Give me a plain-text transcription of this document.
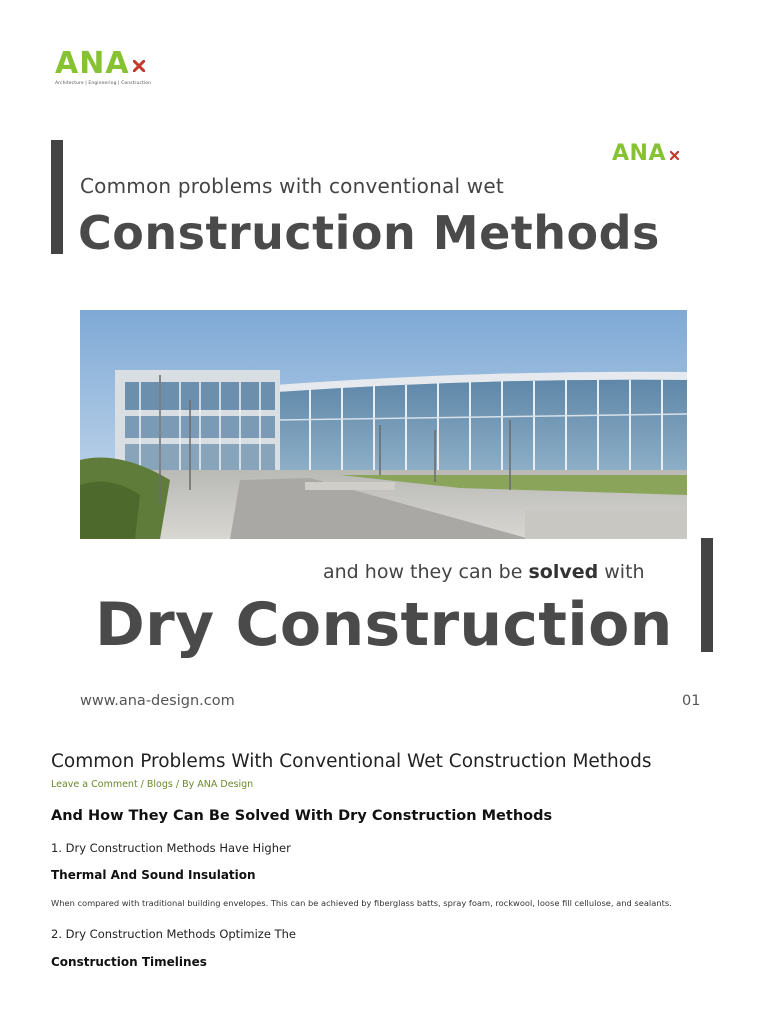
ANA
Architecture | Engineering | Construction
ANA
Common problems with conventional wet
Construction Methods
and how they can be solved with
Dry Construction
www.ana-design.com	01
Common Problems With Conventional Wet Construction Methods
Leave a Comment / Blogs / By ANA Design
And How They Can Be Solved With Dry Construction Methods
1. Dry Construction Methods Have Higher
Thermal And Sound Insulation
When compared with traditional building envelopes. This can be achieved by fiberglass batts, spray foam, rockwool, loose fill cellulose, and sealants.
2. Dry Construction Methods Optimize The
Construction Timelines
